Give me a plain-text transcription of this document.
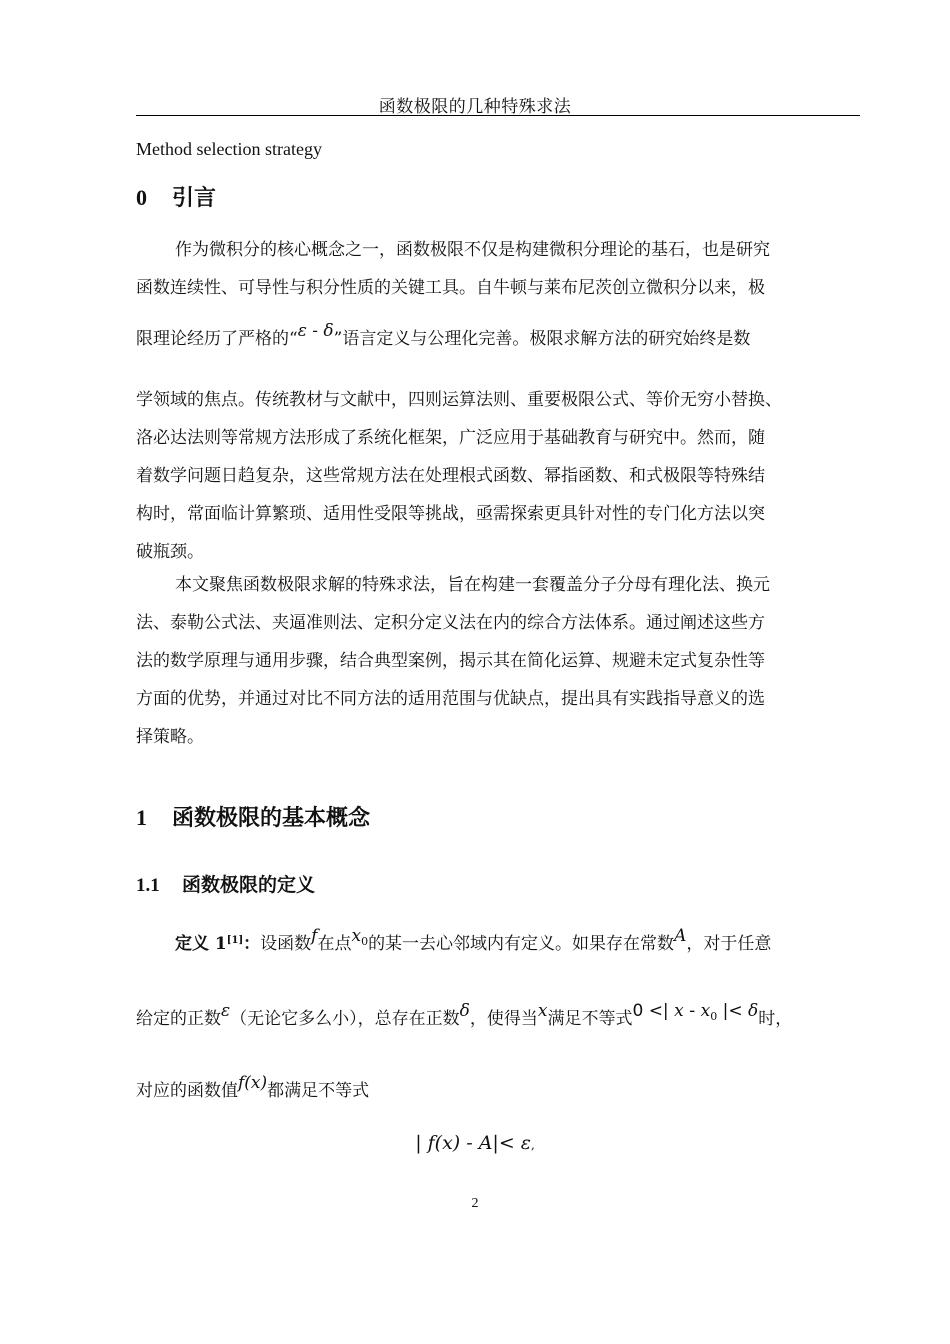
函数极限的几种特殊求法
Method selection strategy
0 引言
作为微积分的核心概念之一，函数极限不仅是构建微积分理论的基石，也是研究
函数连续性、可导性与积分性质的关键工具。自牛顿与莱布尼茨创立微积分以来，极
限理论经历了严格的“ε - δ”语言定义与公理化完善。极限求解方法的研究始终是数
学领域的焦点。传统教材与文献中，四则运算法则、重要极限公式、等价无穷小替换、
洛必达法则等常规方法形成了系统化框架，广泛应用于基础教育与研究中。然而，随
着数学问题日趋复杂，这些常规方法在处理根式函数、幂指函数、和式极限等特殊结
构时，常面临计算繁琐、适用性受限等挑战，亟需探索更具针对性的专门化方法以突
破瓶颈。
本文聚焦函数极限求解的特殊求法，旨在构建一套覆盖分子分母有理化法、换元
法、泰勒公式法、夹逼准则法、定积分定义法在内的综合方法体系。通过阐述这些方
法的数学原理与通用步骤，结合典型案例，揭示其在简化运算、规避未定式复杂性等
方面的优势，并通过对比不同方法的适用范围与优缺点，提出具有实践指导意义的选
择策略。
1 函数极限的基本概念
1.1 函数极限的定义
定义 1[1]：设函数f在点$x_0$的某一去心邻域内有定义。如果存在常数A，对于任意
给定的正数ε（无论它多么小），总存在正数δ，使得当x满足不等式0 <| x - $x_0$ |< δ时，
对应的函数值f(x)都满足不等式
| f(x) - A|< ε,
2
